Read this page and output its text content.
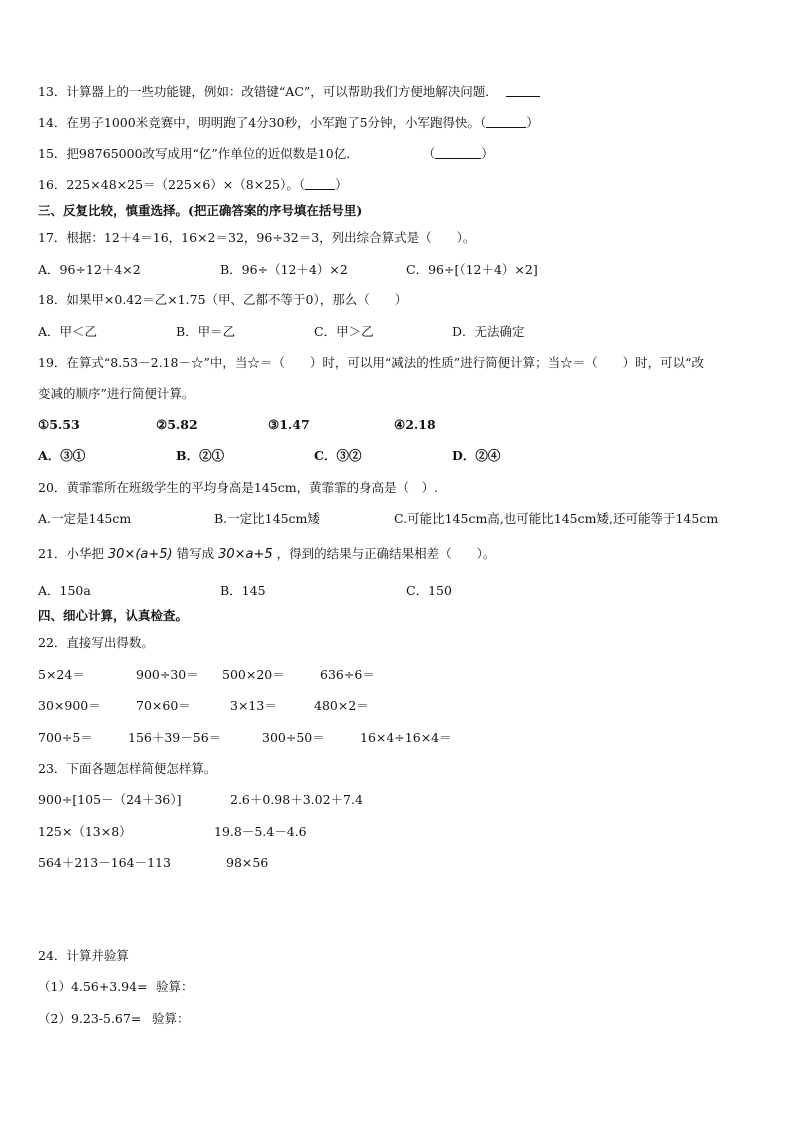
13．计算器上的一些功能键，例如：改错键“AC”，可以帮助我们方便地解决问题．
14．在男子1000米竞赛中，明明跑了4分30秒，小军跑了5分钟，小军跑得快。（	）
15．把98765000改写成用“亿”作单位的近似数是10亿．	（	）
16．225×48×25＝（225×6）×（8×25）。（ ）
三、反复比较，慎重选择。(把正确答案的序号填在括号里)
17．根据：12＋4＝16，16×2＝32，96÷32＝3，列出综合算式是（　　）。
A．96÷12＋4×2	B．96÷（12＋4）×2	C．96÷[（12＋4）×2]
18．如果甲×0.42＝乙×1.75（甲、乙都不等于0），那么（　　）
A．甲＜乙	B．甲＝乙	C．甲＞乙	D．无法确定
19．在算式“8.53－2.18－☆”中，当☆＝（　　）时，可以用“减法的性质”进行简便计算；当☆＝（　　）时，可以“改
变减的顺序”进行简便计算。
①5.53	②5.82	③1.47	④2.18
A．③①	B．②①	C．③②	D．②④
20．黄霏霏所在班级学生的平均身高是145cm，黄霏霏的身高是（　）.
A.一定是145cm	B.一定比145cm矮	C.可能比145cm高,也可能比145cm矮,还可能等于145cm
21．小华把 30×(a+5) 错写成 30×a+5 ，得到的结果与正确结果相差（　　）。
A．150a	B．145	C．150
四、细心计算，认真检查。
22．直接写出得数。
5×24＝	900÷30＝ 500×20＝	636÷6＝
30×900＝	70×60＝	3×13＝	480×2＝
700÷5＝	156＋39－56＝	300÷50＝	16×4÷16×4＝
23．下面各题怎样简便怎样算。
900÷[105－（24＋36）]	2.6＋0.98＋3.02＋7.4
125×（13×8）	19.8－5.4－4.6
564＋213－164－113	98×56
24．计算并验算
（1）4.56+3.94= 验算：
（2）9.23-5.67= 验算：
